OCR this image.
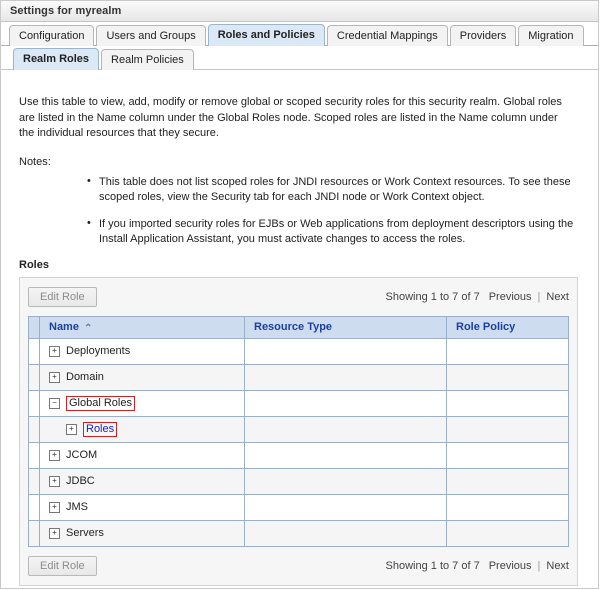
Settings for myrealm
Configuration	Users and Groups	Roles and Policies	Credential Mappings	Providers	Migration
Realm Roles	Realm Policies

Use this table to view, add, modify or remove global or scoped security roles for this security realm. Global roles are listed in the Name column under the Global Roles node. Scoped roles are listed in the Name column under the individual resources that they secure.

Notes:
• This table does not list scoped roles for JNDI resources or Work Context resources. To see these scoped roles, view the Security tab for each JNDI node or Work Context object.
• If you imported security roles for EJBs or Web applications from deployment descriptors using the Install Application Assistant, you must activate changes to access the roles.
Roles
Edit Role	Showing 1 to 7 of 7 Previous | Next
	Name ⌃	Resource Type	Role Policy

	+ Deployments		

	+ Domain		

	− Global Roles		

	+ Roles		

	+ JCOM		

	+ JDBC		

	+ JMS		

	+ Servers		

Edit Role	Showing 1 to 7 of 7 Previous | Next
